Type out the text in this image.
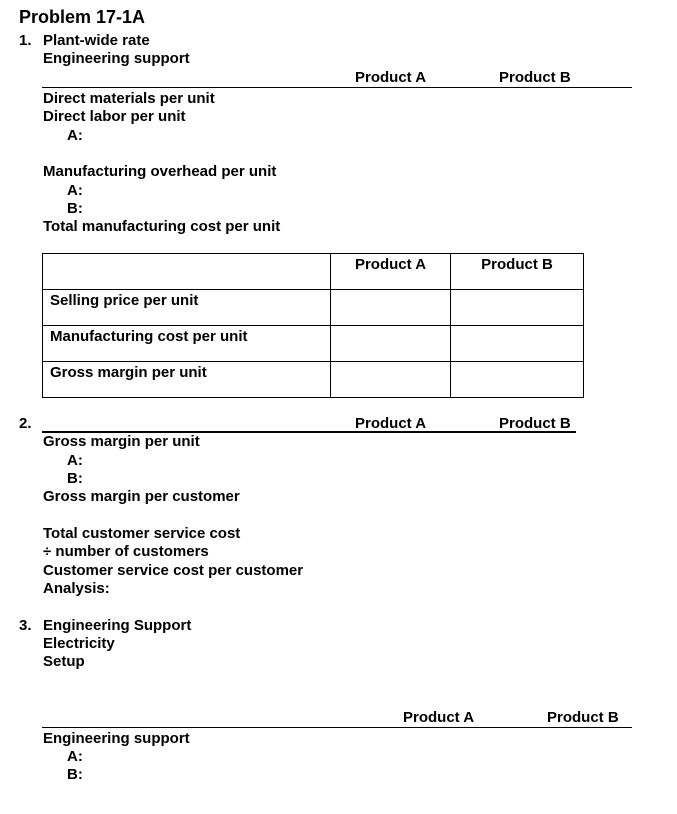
Problem 17-1A
1. Plant-wide rate
Engineering support
Product A	Product B
Direct materials per unit
Direct labor per unit
A:
Manufacturing overhead per unit
A:
B:
Total manufacturing cost per unit
	Product A	Product B
Selling price per unit		
Manufacturing cost per unit		
Gross margin per unit		
2.	Product A	Product B
Gross margin per unit
A:
B:
Gross margin per customer
Total customer service cost
÷ number of customers
Customer service cost per customer
Analysis:
3. Engineering Support
Electricity
Setup
Product A	Product B
Engineering support
A:
B:
